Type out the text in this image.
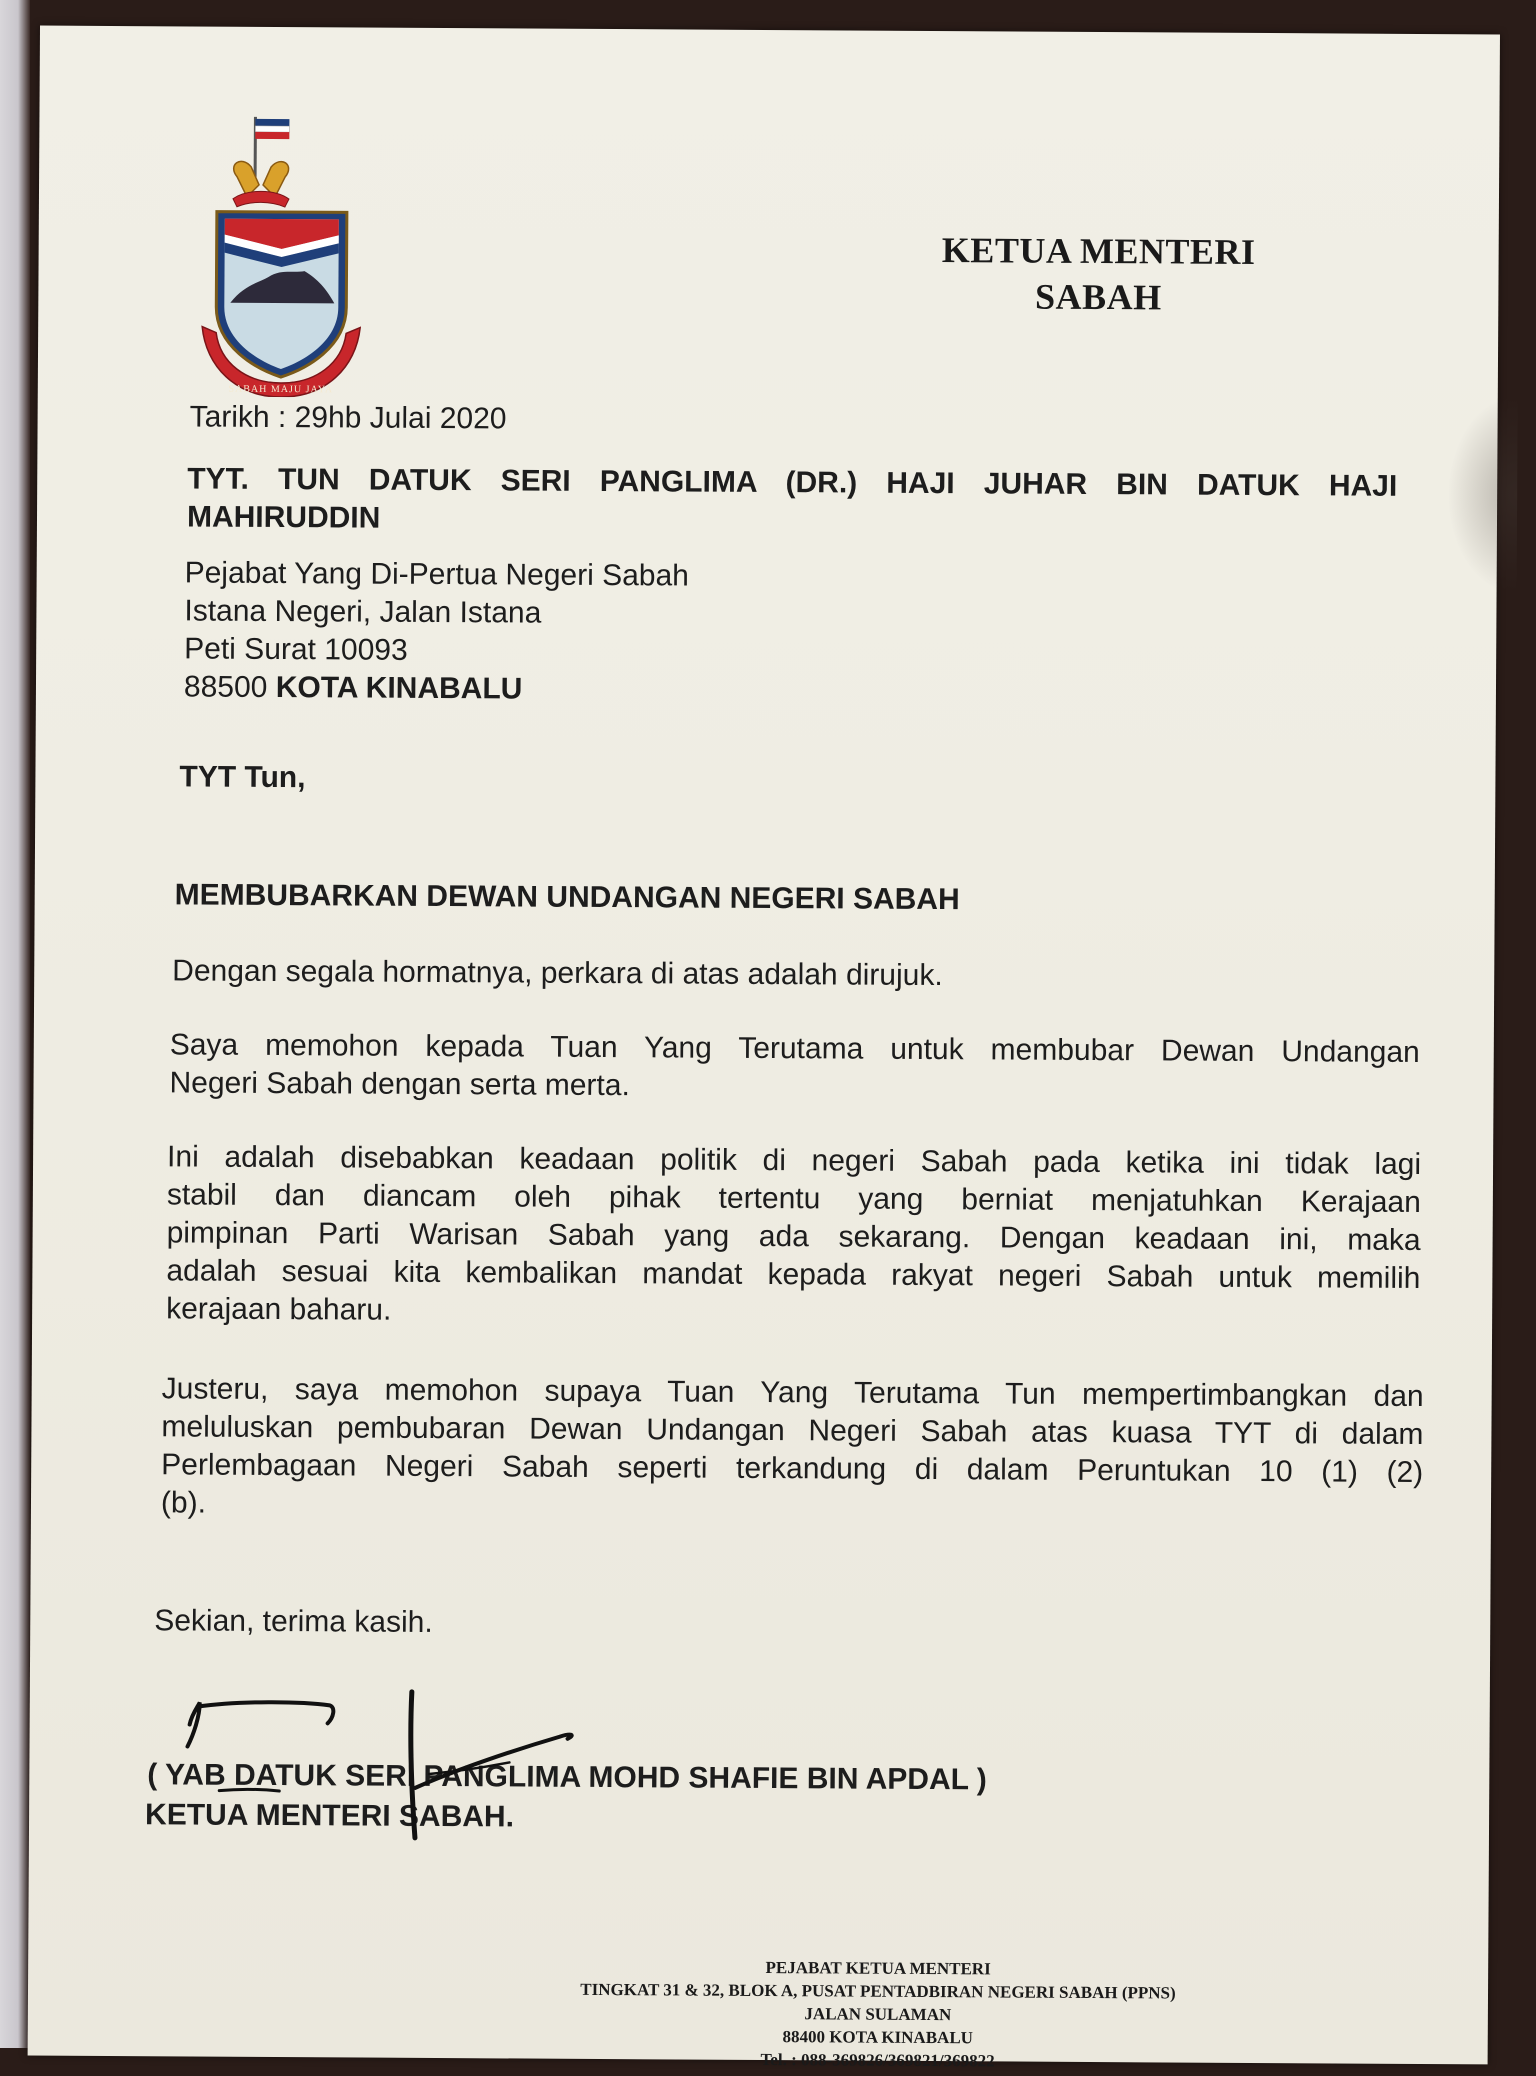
SABAH MAJU JAYA
KETUA MENTERI
SABAH
Tarikh : 29hb Julai 2020
TYT. TUN DATUK SERI PANGLIMA (DR.) HAJI JUHAR BIN DATUK HAJI
MAHIRUDDIN
Pejabat Yang Di-Pertua Negeri Sabah
Istana Negeri, Jalan Istana
Peti Surat 10093
88500 KOTA KINABALU
TYT Tun,
MEMBUBARKAN DEWAN UNDANGAN NEGERI SABAH
Dengan segala hormatnya, perkara di atas adalah dirujuk.

Saya memohon kepada Tuan Yang Terutama untuk membubar Dewan Undangan

Negeri Sabah dengan serta merta.

Ini adalah disebabkan keadaan politik di negeri Sabah pada ketika ini tidak lagi

stabil dan diancam oleh pihak tertentu yang berniat menjatuhkan Kerajaan

pimpinan Parti Warisan Sabah yang ada sekarang. Dengan keadaan ini, maka

adalah sesuai kita kembalikan mandat kepada rakyat negeri Sabah untuk memilih

kerajaan baharu.

Justeru, saya memohon supaya Tuan Yang Terutama Tun mempertimbangkan dan

meluluskan pembubaran Dewan Undangan Negeri Sabah atas kuasa TYT di dalam

Perlembagaan Negeri Sabah seperti terkandung di dalam Peruntukan 10 (1) (2)

(b).

Sekian, terima kasih.
( YAB DATUK SERI PANGLIMA MOHD SHAFIE BIN APDAL )
KETUA MENTERI SABAH.
PEJABAT KETUA MENTERI
TINGKAT 31 & 32, BLOK A, PUSAT PENTADBIRAN NEGERI SABAH (PPNS)
JALAN SULAMAN
88400 KOTA KINABALU
Tel. : 088-369826/369821/369822
